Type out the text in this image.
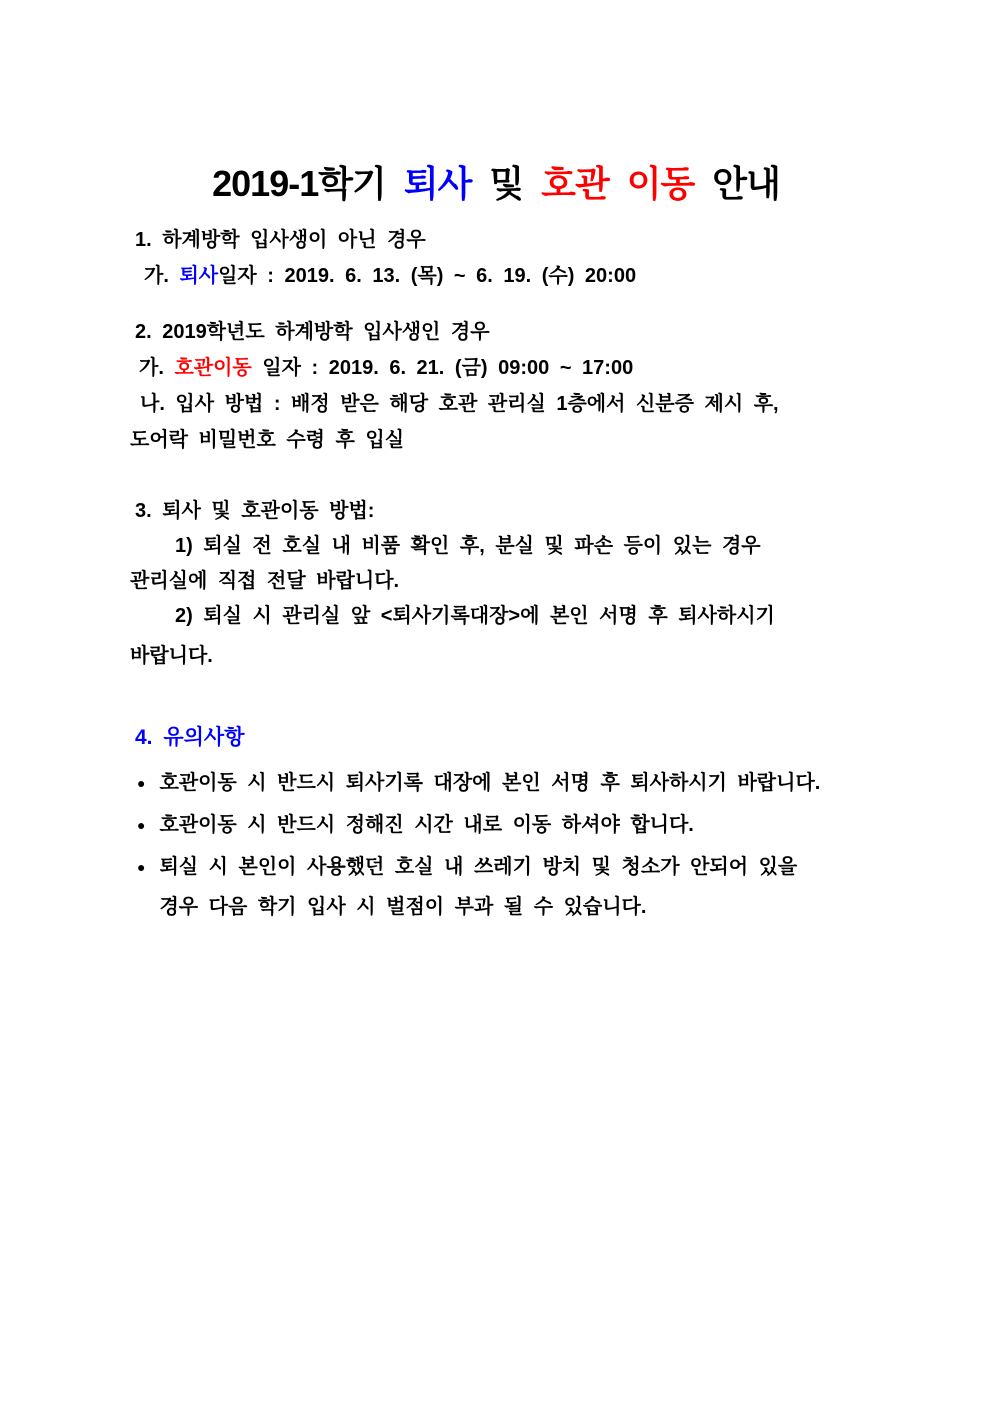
2019-1학기 퇴사 및 호관 이동 안내

1. 하계방학 입사생이 아닌 경우

가. 퇴사일자 : 2019. 6. 13. (목) ~ 6. 19. (수) 20:00

2. 2019학년도 하계방학 입사생인 경우

가. 호관이동 일자 : 2019. 6. 21. (금) 09:00 ~ 17:00

나. 입사 방법 : 배정 받은 해당 호관 관리실 1층에서 신분증 제시 후,

도어락 비밀번호 수령 후 입실

3. 퇴사 및 호관이동 방법:

1) 퇴실 전 호실 내 비품 확인 후, 분실 및 파손 등이 있는 경우

관리실에 직접 전달 바랍니다.

2) 퇴실 시 관리실 앞 <퇴사기록대장>에 본인 서명 후 퇴사하시기

바랍니다.

4. 유의사항

● 호관이동 시 반드시 퇴사기록 대장에 본인 서명 후 퇴사하시기 바랍니다.
● 호관이동 시 반드시 정해진 시간 내로 이동 하셔야 합니다.
● 퇴실 시 본인이 사용했던 호실 내 쓰레기 방치 및 청소가 안되어 있을
경우 다음 학기 입사 시 벌점이 부과 될 수 있습니다.
